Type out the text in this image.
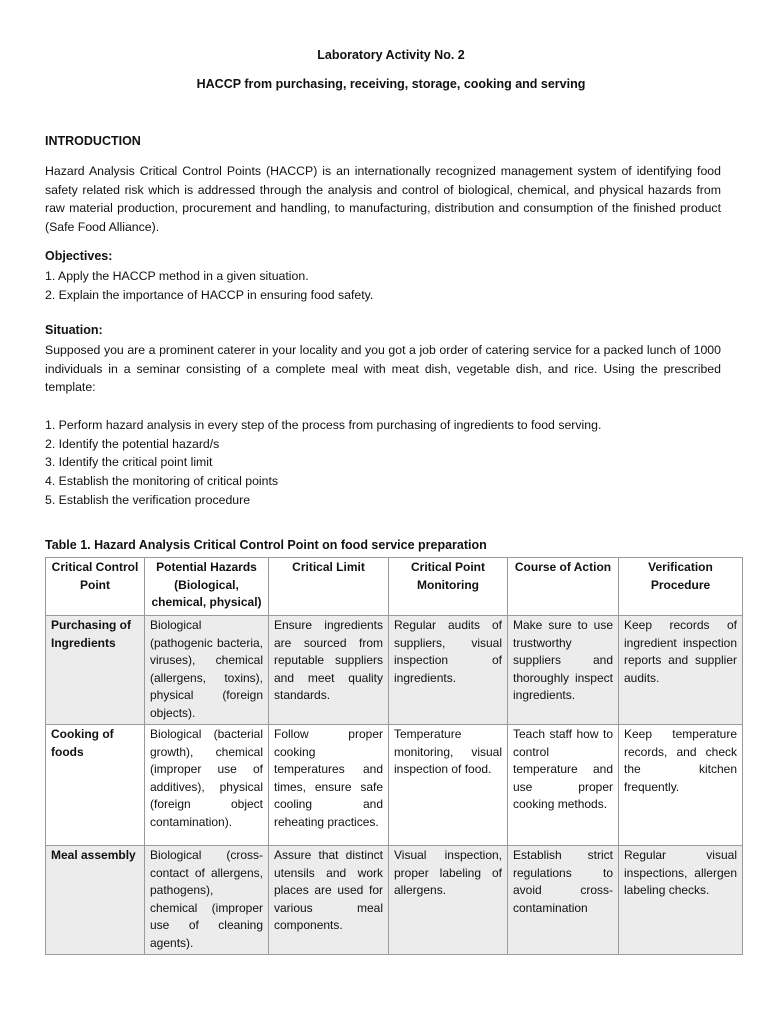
Laboratory Activity No. 2
HACCP from purchasing, receiving, storage, cooking and serving
INTRODUCTION

Hazard Analysis Critical Control Points (HACCP) is an internationally recognized management system of identifying food safety related risk which is addressed through the analysis and control of biological, chemical, and physical hazards from raw material production, procurement and handling, to manufacturing, distribution and consumption of the finished product (Safe Food Alliance).

Objectives:
1. Apply the HACCP method in a given situation.
2. Explain the importance of HACCP in ensuring food safety.
Situation:

Supposed you are a prominent caterer in your locality and you got a job order of catering service for a packed lunch of 1000 individuals in a seminar consisting of a complete meal with meat dish, vegetable dish, and rice. Using the prescribed template:

1. Perform hazard analysis in every step of the process from purchasing of ingredients to food serving.
2. Identify the potential hazard/s
3. Identify the critical point limit
4. Establish the monitoring of critical points
5. Establish the verification procedure
Table 1. Hazard Analysis Critical Control Point on food service preparation
Critical Control Point	Potential Hazards (Biological, chemical, physical)	Critical Limit	Critical Point Monitoring	Course of Action	Verification Procedure
Purchasing of Ingredients	Biological (pathogenic bacteria, viruses), chemical (allergens, toxins), physical (foreign objects).	Ensure ingredients are sourced from reputable suppliers and meet quality standards.	Regular audits of suppliers, visual inspection of ingredients.	Make sure to use trustworthy suppliers and thoroughly inspect ingredients.	Keep records of ingredient inspection reports and supplier audits.
Cooking of foods	Biological (bacterial growth), chemical (improper use of additives), physical (foreign object contamination).	Follow proper cooking temperatures and times, ensure safe cooling and reheating practices.	Temperature monitoring, visual inspection of food.	Teach staff how to control temperature and use proper cooking methods.	Keep temperature records, and check the kitchen frequently.
Meal assembly	Biological (cross-contact of allergens, pathogens), chemical (improper use of cleaning agents).	Assure that distinct utensils and work places are used for various meal components.	Visual inspection, proper labeling of allergens.	Establish strict regulations to avoid cross-contamination	Regular visual inspections, allergen labeling checks.
